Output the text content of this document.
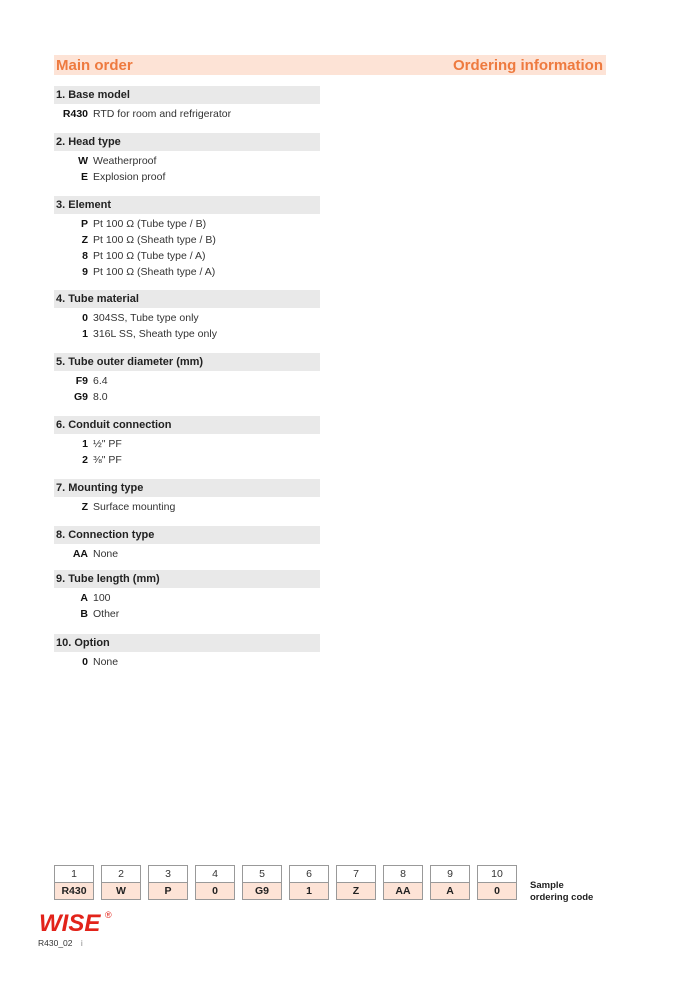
Main order	Ordering information
1. Base model
R430 RTD for room and refrigerator
2. Head type
W Weatherproof
E Explosion proof
3. Element
P Pt 100 Ω (Tube type / B)
Z Pt 100 Ω (Sheath type / B)
8 Pt 100 Ω (Tube type / A)
9 Pt 100 Ω (Sheath type / A)
4. Tube material
0 304SS, Tube type only
1 316L SS, Sheath type only
5. Tube outer diameter (mm)
F9 6.4
G9 8.0
6. Conduit connection
1 ½" PF
2 ⅜" PF
7. Mounting type
Z Surface mounting
8. Connection type
AA None
9. Tube length (mm)
A 100
B Other
10. Option
0 None
1
R430
2
W
3
P
4
0
5
G9
6
1
7
Z
8
AA
9
A
10
0	Sample
ordering code
WISE ®
R430_02 i
